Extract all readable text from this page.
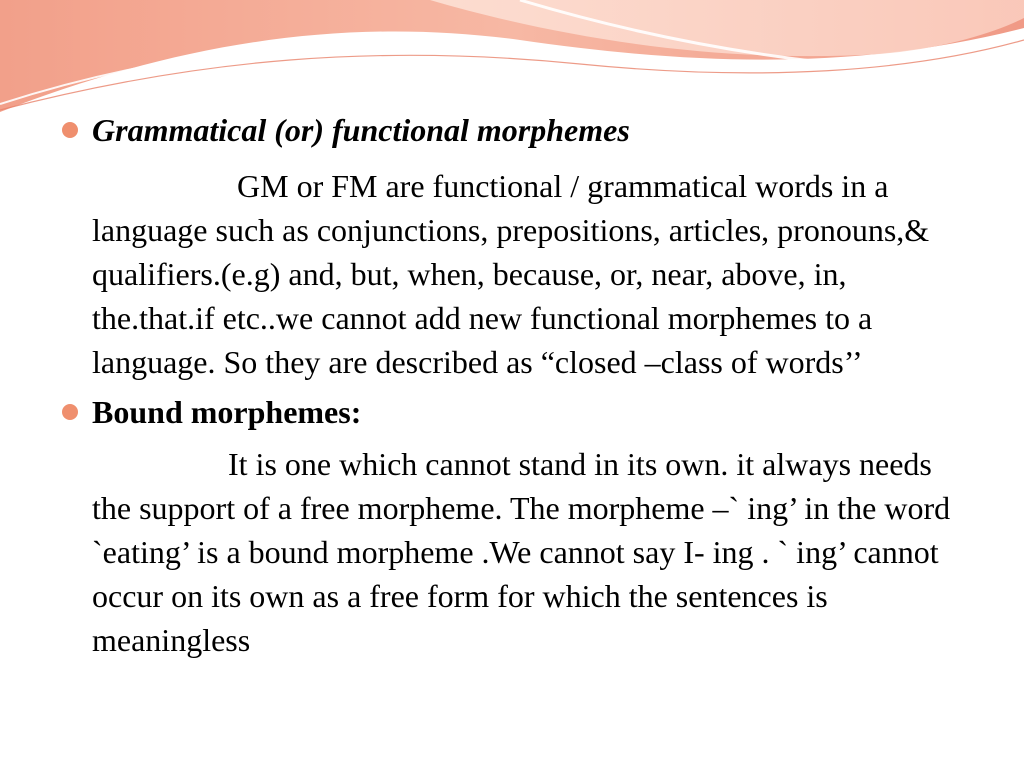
Grammatical (or) functional morphemes

GM or FM are functional / grammatical words in a language such as conjunctions, prepositions, articles, pronouns,& qualifiers.(e.g) and, but, when, because, or, near, above, in, the.that.if etc..we cannot add new functional morphemes to a language. So they are described as “closed –class of words’’

Bound morphemes:

It is one which cannot stand in its own. it always needs the support of a free morpheme. The morpheme –` ing’ in the word `eating’ is a bound morpheme .We cannot say I- ing . ` ing’ cannot occur on its own as a free form for which the sentences is meaningless
